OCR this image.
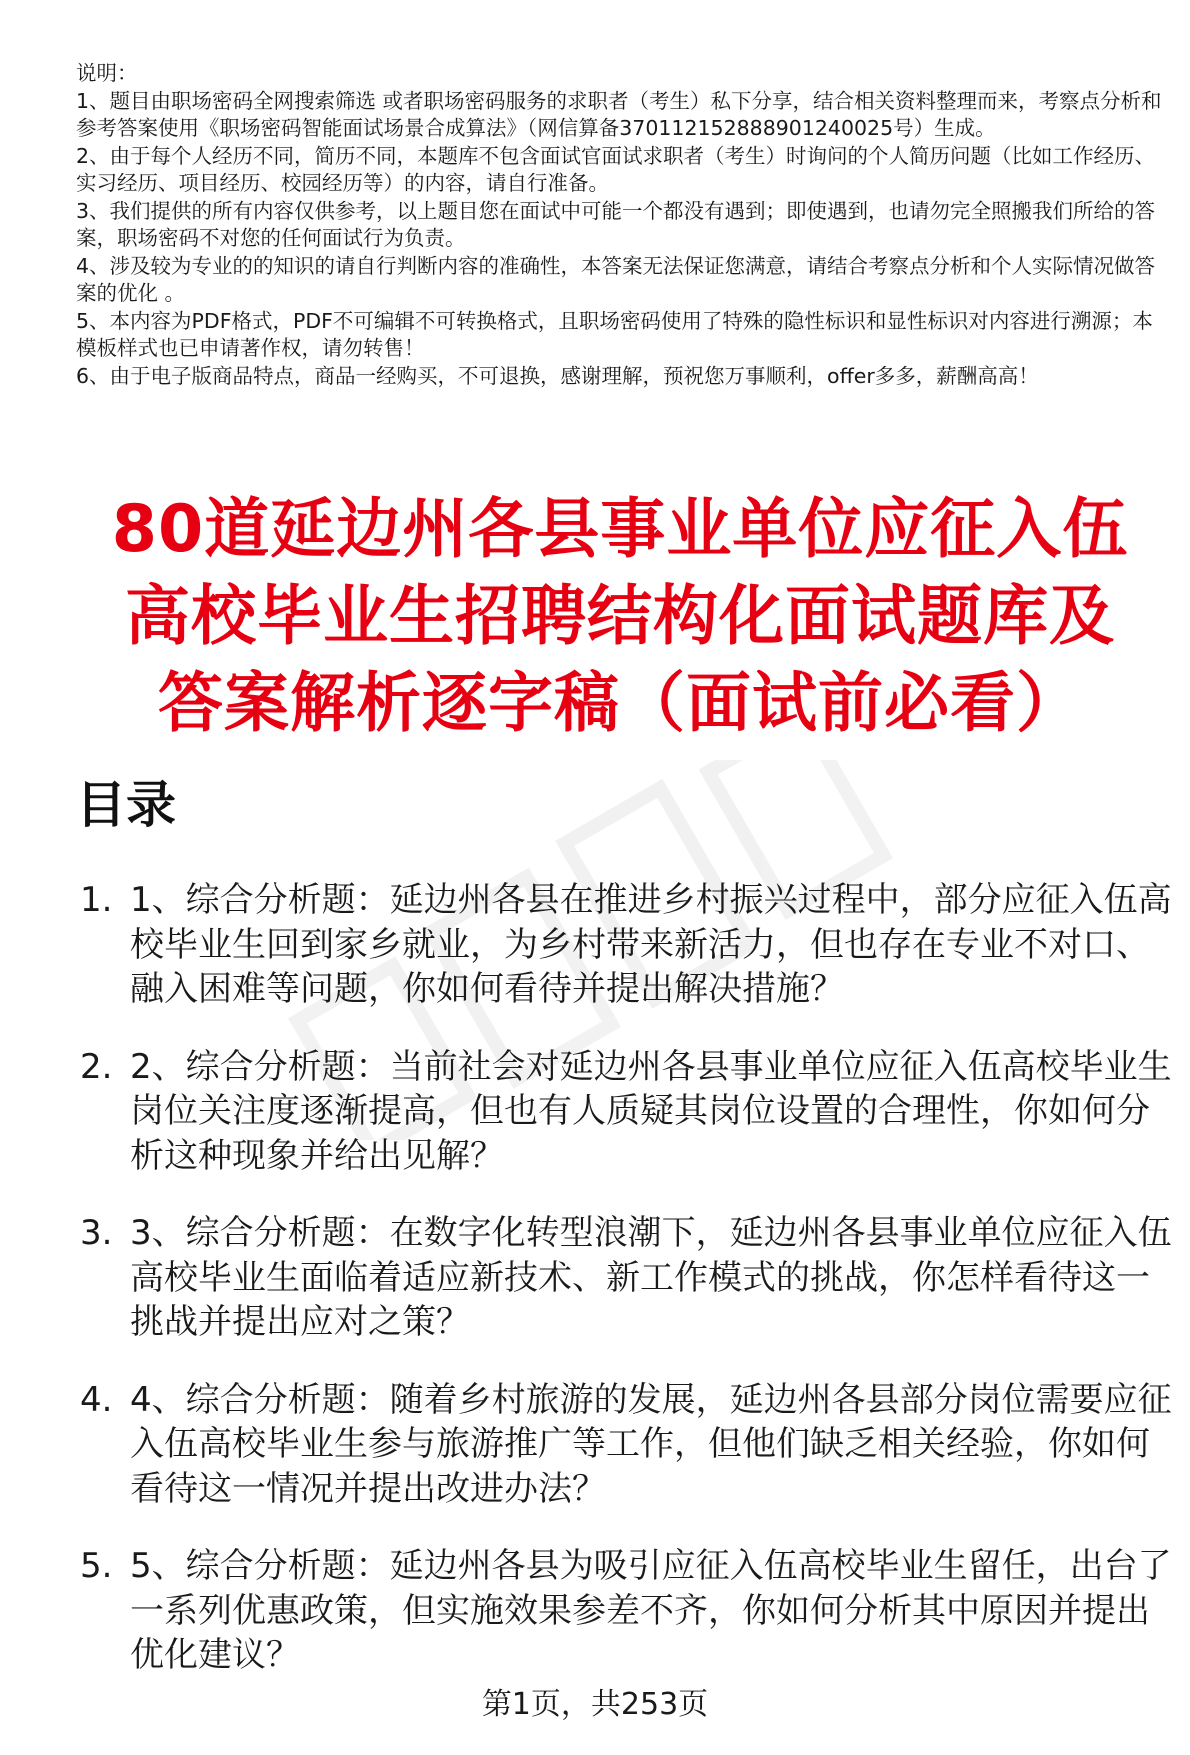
说明：

1、题目由职场密码全网搜索筛选 或者职场密码服务的求职者（考生）私下分享，结合相关资料整理而来，考察点分析和参考答案使用《职场密码智能面试场景合成算法》（网信算备370112152888901240025号）生成。

2、由于每个人经历不同，简历不同，本题库不包含面试官面试求职者（考生）时询问的个人简历问题（比如工作经历、实习经历、项目经历、校园经历等）的内容，请自行准备。

3、我们提供的所有内容仅供参考，以上题目您在面试中可能一个都没有遇到；即使遇到，也请勿完全照搬我们所给的答案，职场密码不对您的任何面试行为负责。

4、涉及较为专业的的知识的请自行判断内容的准确性，本答案无法保证您满意，请结合考察点分析和个人实际情况做答案的优化 。

5、本内容为PDF格式，PDF不可编辑不可转换格式，且职场密码使用了特殊的隐性标识和显性标识对内容进行溯源；本模板样式也已申请著作权，请勿转售！

6、由于电子版商品特点，商品一经购买，不可退换，感谢理解，预祝您万事顺利，offer多多，薪酬高高！

80道延边州各县事业单位应征入伍

高校毕业生招聘结构化面试题库及

答案解析逐字稿（面试前必看）

目录
1. 1、综合分析题：延边州各县在推进乡村振兴过程中，部分应征入伍高校毕业生回到家乡就业，为乡村带来新活力，但也存在专业不对口、融入困难等问题，你如何看待并提出解决措施？
2. 2、综合分析题：当前社会对延边州各县事业单位应征入伍高校毕业生岗位关注度逐渐提高，但也有人质疑其岗位设置的合理性，你如何分析这种现象并给出见解？
3. 3、综合分析题：在数字化转型浪潮下，延边州各县事业单位应征入伍高校毕业生面临着适应新技术、新工作模式的挑战，你怎样看待这一挑战并提出应对之策？
4. 4、综合分析题：随着乡村旅游的发展，延边州各县部分岗位需要应征入伍高校毕业生参与旅游推广等工作，但他们缺乏相关经验，你如何看待这一情况并提出改进办法？
5. 5、综合分析题：延边州各县为吸引应征入伍高校毕业生留任，出台了一系列优惠政策，但实施效果参差不齐，你如何分析其中原因并提出优化建议？
第1页，共253页
